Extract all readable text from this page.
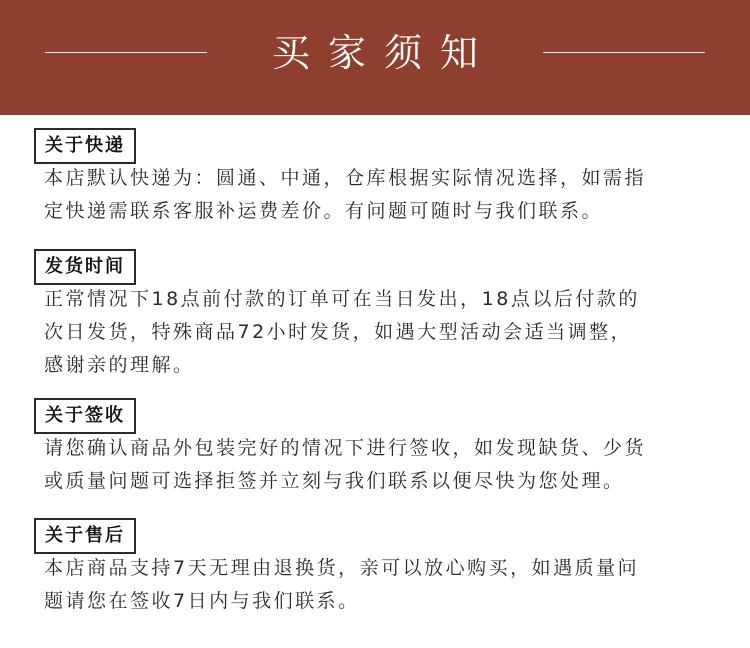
买家须知
关于快递
本店默认快递为：圆通、中通，仓库根据实际情况选择，如需指
定快递需联系客服补运费差价。有问题可随时与我们联系。
发货时间
正常情况下18点前付款的订单可在当日发出，18点以后付款的
次日发货，特殊商品72小时发货，如遇大型活动会适当调整，
感谢亲的理解。
关于签收
请您确认商品外包装完好的情况下进行签收，如发现缺货、少货
或质量问题可选择拒签并立刻与我们联系以便尽快为您处理。
关于售后
本店商品支持7天无理由退换货，亲可以放心购买，如遇质量问
题请您在签收7日内与我们联系。
